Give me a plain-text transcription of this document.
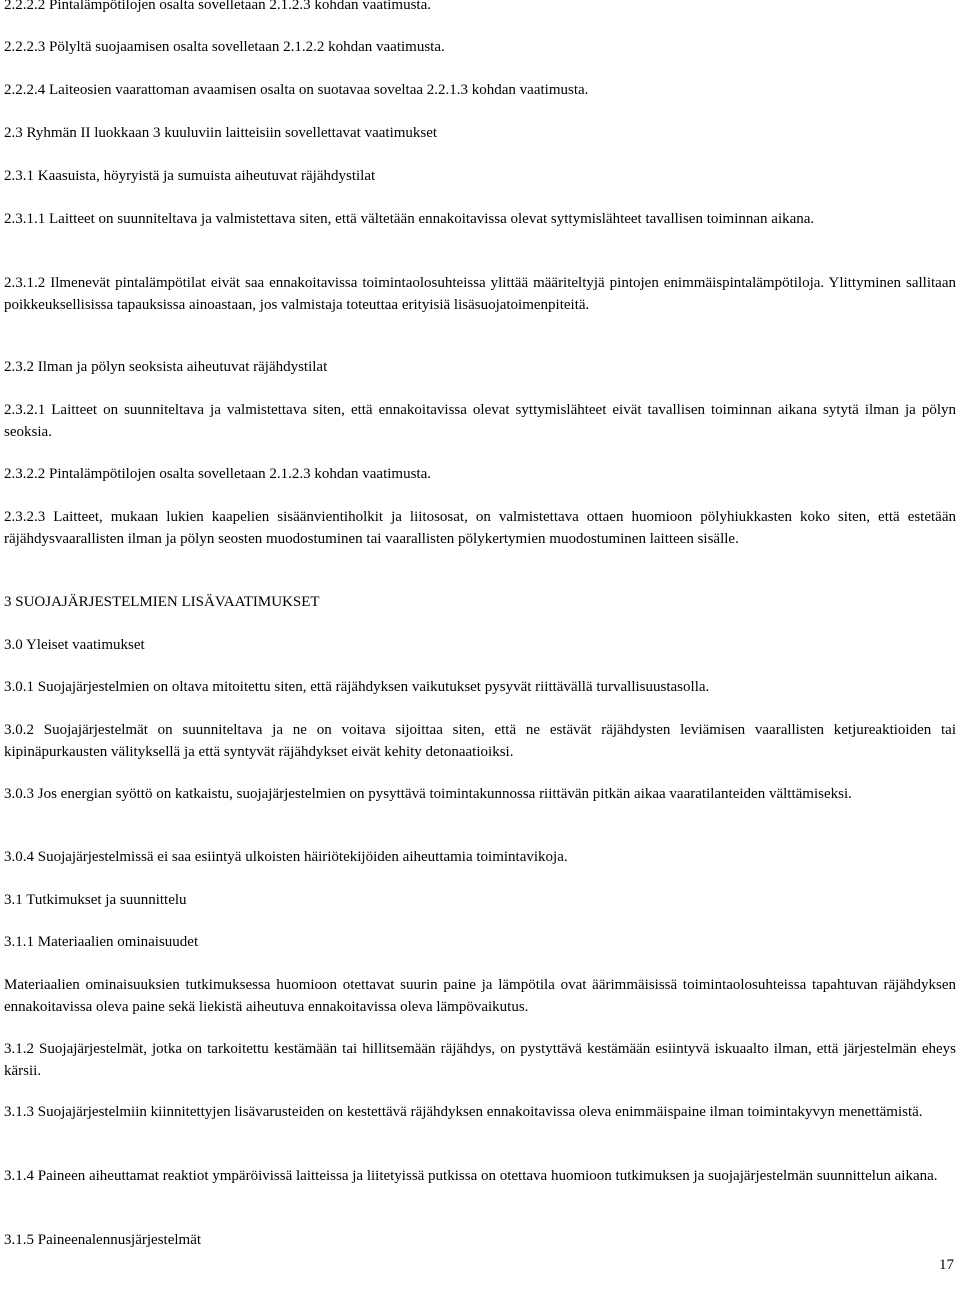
2.2.2.2 Pintalämpötilojen osalta sovelletaan 2.1.2.3 kohdan vaatimusta.

2.2.2.3 Pölyltä suojaamisen osalta sovelletaan 2.1.2.2 kohdan vaatimusta.

2.2.2.4 Laiteosien vaarattoman avaamisen osalta on suotavaa soveltaa 2.2.1.3 kohdan vaatimusta.

2.3 Ryhmän II luokkaan 3 kuuluviin laitteisiin sovellettavat vaatimukset

2.3.1 Kaasuista, höyryistä ja sumuista aiheutuvat räjähdystilat

2.3.1.1 Laitteet on suunniteltava ja valmistettava siten, että vältetään ennakoitavissa olevat syttymislähteet tavallisen toiminnan aikana.

2.3.1.2 Ilmenevät pintalämpötilat eivät saa ennakoitavissa toimintaolosuhteissa ylittää määriteltyjä pintojen enimmäispintalämpötiloja. Ylittyminen sallitaan poikkeuksellisissa tapauksissa ainoastaan, jos valmistaja toteuttaa erityisiä lisäsuojatoimenpiteitä.

2.3.2 Ilman ja pölyn seoksista aiheutuvat räjähdystilat

2.3.2.1 Laitteet on suunniteltava ja valmistettava siten, että ennakoitavissa olevat syttymislähteet eivät tavallisen toiminnan aikana sytytä ilman ja pölyn seoksia.

2.3.2.2 Pintalämpötilojen osalta sovelletaan 2.1.2.3 kohdan vaatimusta.

2.3.2.3 Laitteet, mukaan lukien kaapelien sisäänvientiholkit ja liitososat, on valmistettava ottaen huomioon pölyhiukkasten koko siten, että estetään räjähdysvaarallisten ilman ja pölyn seosten muodostuminen tai vaarallisten pölykertymien muodostuminen laitteen sisälle.

3 SUOJAJÄRJESTELMIEN LISÄVAATIMUKSET

3.0 Yleiset vaatimukset

3.0.1 Suojajärjestelmien on oltava mitoitettu siten, että räjähdyksen vaikutukset pysyvät riittävällä turvallisuustasolla.

3.0.2 Suojajärjestelmät on suunniteltava ja ne on voitava sijoittaa siten, että ne estävät räjähdysten leviämisen vaarallisten ketjureaktioiden tai kipinäpurkausten välityksellä ja että syntyvät räjähdykset eivät kehity detonaatioiksi.

3.0.3 Jos energian syöttö on katkaistu, suojajärjestelmien on pysyttävä toimintakunnossa riittävän pitkän aikaa vaaratilanteiden välttämiseksi.

3.0.4 Suojajärjestelmissä ei saa esiintyä ulkoisten häiriötekijöiden aiheuttamia toimintavikoja.

3.1 Tutkimukset ja suunnittelu

3.1.1 Materiaalien ominaisuudet

Materiaalien ominaisuuksien tutkimuksessa huomioon otettavat suurin paine ja lämpötila ovat äärimmäisissä toimintaolosuhteissa tapahtuvan räjähdyksen ennakoitavissa oleva paine sekä liekistä aiheutuva ennakoitavissa oleva lämpövaikutus.

3.1.2 Suojajärjestelmät, jotka on tarkoitettu kestämään tai hillitsemään räjähdys, on pystyttävä kestämään esiintyvä iskuaalto ilman, että järjestelmän eheys kärsii.

3.1.3 Suojajärjestelmiin kiinnitettyjen lisävarusteiden on kestettävä räjähdyksen ennakoitavissa oleva enimmäispaine ilman toimintakyvyn menettämistä.

3.1.4 Paineen aiheuttamat reaktiot ympäröivissä laitteissa ja liitetyissä putkissa on otettava huomioon tutkimuksen ja suojajärjestelmän suunnittelun aikana.

3.1.5 Paineenalennusjärjestelmät

17
